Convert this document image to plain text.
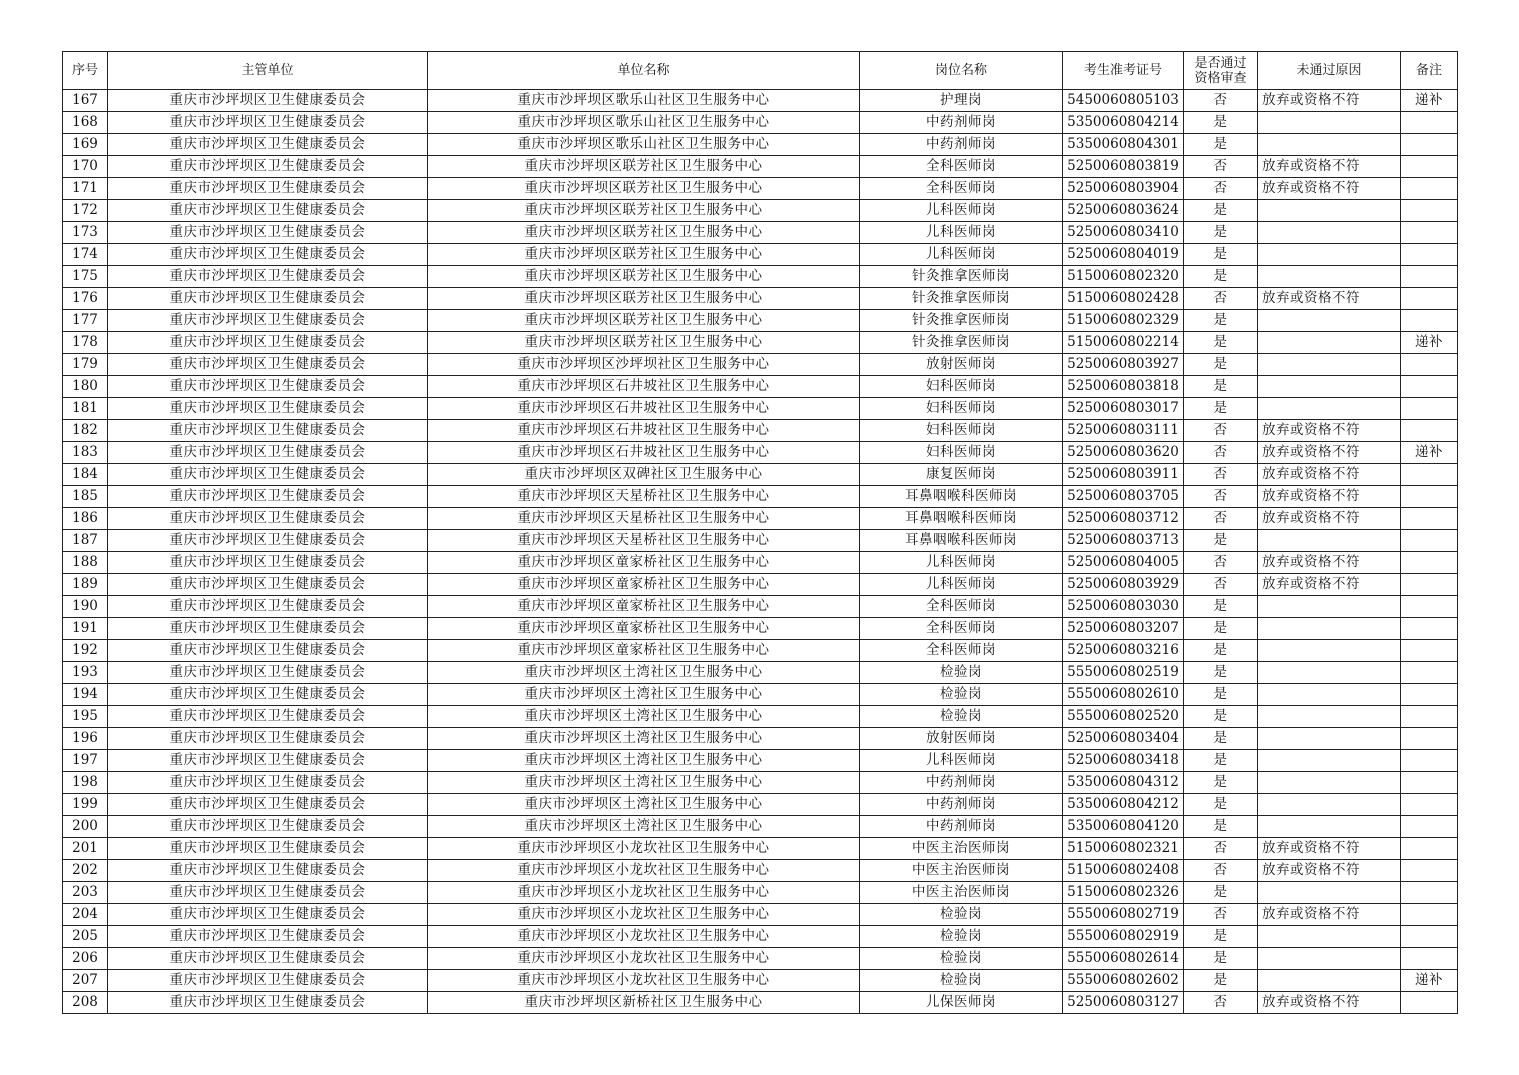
序号	主管单位	单位名称	岗位名称	考生准考证号	是否通过
资格审查	未通过原因	备注
167	重庆市沙坪坝区卫生健康委员会	重庆市沙坪坝区歌乐山社区卫生服务中心	护理岗	5450060805103	否	放弃或资格不符	递补
168	重庆市沙坪坝区卫生健康委员会	重庆市沙坪坝区歌乐山社区卫生服务中心	中药剂师岗	5350060804214	是		
169	重庆市沙坪坝区卫生健康委员会	重庆市沙坪坝区歌乐山社区卫生服务中心	中药剂师岗	5350060804301	是		
170	重庆市沙坪坝区卫生健康委员会	重庆市沙坪坝区联芳社区卫生服务中心	全科医师岗	5250060803819	否	放弃或资格不符	
171	重庆市沙坪坝区卫生健康委员会	重庆市沙坪坝区联芳社区卫生服务中心	全科医师岗	5250060803904	否	放弃或资格不符	
172	重庆市沙坪坝区卫生健康委员会	重庆市沙坪坝区联芳社区卫生服务中心	儿科医师岗	5250060803624	是		
173	重庆市沙坪坝区卫生健康委员会	重庆市沙坪坝区联芳社区卫生服务中心	儿科医师岗	5250060803410	是		
174	重庆市沙坪坝区卫生健康委员会	重庆市沙坪坝区联芳社区卫生服务中心	儿科医师岗	5250060804019	是		
175	重庆市沙坪坝区卫生健康委员会	重庆市沙坪坝区联芳社区卫生服务中心	针灸推拿医师岗	5150060802320	是		
176	重庆市沙坪坝区卫生健康委员会	重庆市沙坪坝区联芳社区卫生服务中心	针灸推拿医师岗	5150060802428	否	放弃或资格不符	
177	重庆市沙坪坝区卫生健康委员会	重庆市沙坪坝区联芳社区卫生服务中心	针灸推拿医师岗	5150060802329	是		
178	重庆市沙坪坝区卫生健康委员会	重庆市沙坪坝区联芳社区卫生服务中心	针灸推拿医师岗	5150060802214	是		递补
179	重庆市沙坪坝区卫生健康委员会	重庆市沙坪坝区沙坪坝社区卫生服务中心	放射医师岗	5250060803927	是		
180	重庆市沙坪坝区卫生健康委员会	重庆市沙坪坝区石井坡社区卫生服务中心	妇科医师岗	5250060803818	是		
181	重庆市沙坪坝区卫生健康委员会	重庆市沙坪坝区石井坡社区卫生服务中心	妇科医师岗	5250060803017	是		
182	重庆市沙坪坝区卫生健康委员会	重庆市沙坪坝区石井坡社区卫生服务中心	妇科医师岗	5250060803111	否	放弃或资格不符	
183	重庆市沙坪坝区卫生健康委员会	重庆市沙坪坝区石井坡社区卫生服务中心	妇科医师岗	5250060803620	否	放弃或资格不符	递补
184	重庆市沙坪坝区卫生健康委员会	重庆市沙坪坝区双碑社区卫生服务中心	康复医师岗	5250060803911	否	放弃或资格不符	
185	重庆市沙坪坝区卫生健康委员会	重庆市沙坪坝区天星桥社区卫生服务中心	耳鼻咽喉科医师岗	5250060803705	否	放弃或资格不符	
186	重庆市沙坪坝区卫生健康委员会	重庆市沙坪坝区天星桥社区卫生服务中心	耳鼻咽喉科医师岗	5250060803712	否	放弃或资格不符	
187	重庆市沙坪坝区卫生健康委员会	重庆市沙坪坝区天星桥社区卫生服务中心	耳鼻咽喉科医师岗	5250060803713	是		
188	重庆市沙坪坝区卫生健康委员会	重庆市沙坪坝区童家桥社区卫生服务中心	儿科医师岗	5250060804005	否	放弃或资格不符	
189	重庆市沙坪坝区卫生健康委员会	重庆市沙坪坝区童家桥社区卫生服务中心	儿科医师岗	5250060803929	否	放弃或资格不符	
190	重庆市沙坪坝区卫生健康委员会	重庆市沙坪坝区童家桥社区卫生服务中心	全科医师岗	5250060803030	是		
191	重庆市沙坪坝区卫生健康委员会	重庆市沙坪坝区童家桥社区卫生服务中心	全科医师岗	5250060803207	是		
192	重庆市沙坪坝区卫生健康委员会	重庆市沙坪坝区童家桥社区卫生服务中心	全科医师岗	5250060803216	是		
193	重庆市沙坪坝区卫生健康委员会	重庆市沙坪坝区土湾社区卫生服务中心	检验岗	5550060802519	是		
194	重庆市沙坪坝区卫生健康委员会	重庆市沙坪坝区土湾社区卫生服务中心	检验岗	5550060802610	是		
195	重庆市沙坪坝区卫生健康委员会	重庆市沙坪坝区土湾社区卫生服务中心	检验岗	5550060802520	是		
196	重庆市沙坪坝区卫生健康委员会	重庆市沙坪坝区土湾社区卫生服务中心	放射医师岗	5250060803404	是		
197	重庆市沙坪坝区卫生健康委员会	重庆市沙坪坝区土湾社区卫生服务中心	儿科医师岗	5250060803418	是		
198	重庆市沙坪坝区卫生健康委员会	重庆市沙坪坝区土湾社区卫生服务中心	中药剂师岗	5350060804312	是		
199	重庆市沙坪坝区卫生健康委员会	重庆市沙坪坝区土湾社区卫生服务中心	中药剂师岗	5350060804212	是		
200	重庆市沙坪坝区卫生健康委员会	重庆市沙坪坝区土湾社区卫生服务中心	中药剂师岗	5350060804120	是		
201	重庆市沙坪坝区卫生健康委员会	重庆市沙坪坝区小龙坎社区卫生服务中心	中医主治医师岗	5150060802321	否	放弃或资格不符	
202	重庆市沙坪坝区卫生健康委员会	重庆市沙坪坝区小龙坎社区卫生服务中心	中医主治医师岗	5150060802408	否	放弃或资格不符	
203	重庆市沙坪坝区卫生健康委员会	重庆市沙坪坝区小龙坎社区卫生服务中心	中医主治医师岗	5150060802326	是		
204	重庆市沙坪坝区卫生健康委员会	重庆市沙坪坝区小龙坎社区卫生服务中心	检验岗	5550060802719	否	放弃或资格不符	
205	重庆市沙坪坝区卫生健康委员会	重庆市沙坪坝区小龙坎社区卫生服务中心	检验岗	5550060802919	是		
206	重庆市沙坪坝区卫生健康委员会	重庆市沙坪坝区小龙坎社区卫生服务中心	检验岗	5550060802614	是		
207	重庆市沙坪坝区卫生健康委员会	重庆市沙坪坝区小龙坎社区卫生服务中心	检验岗	5550060802602	是		递补
208	重庆市沙坪坝区卫生健康委员会	重庆市沙坪坝区新桥社区卫生服务中心	儿保医师岗	5250060803127	否	放弃或资格不符	
